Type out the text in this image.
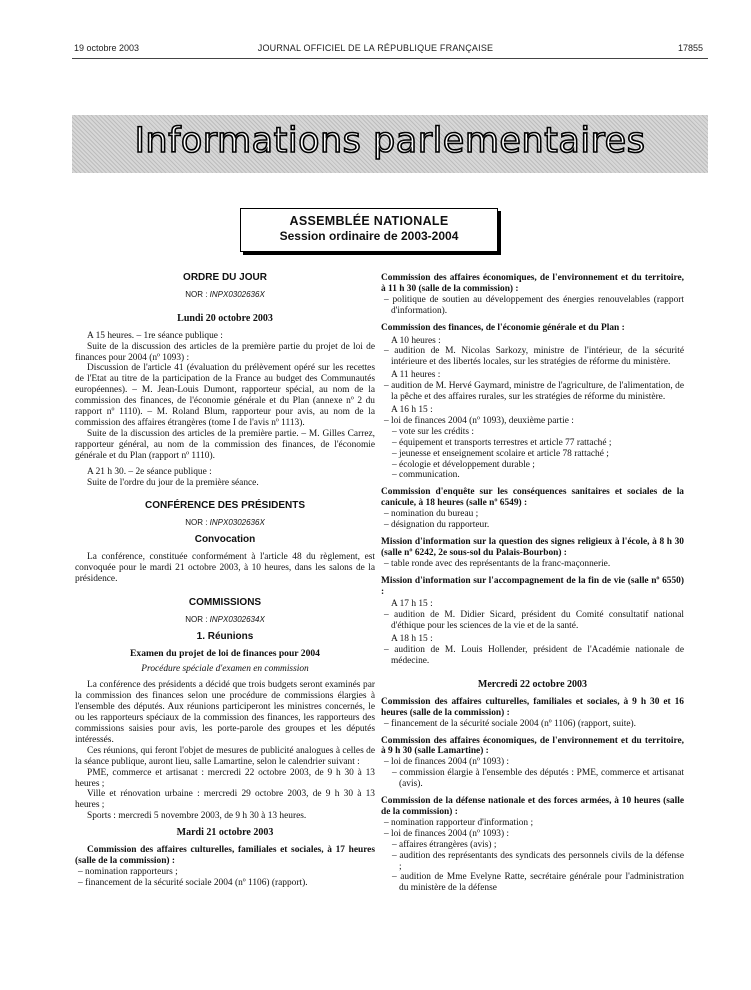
19 octobre 2003	JOURNAL OFFICIEL DE LA RÉPUBLIQUE FRANÇAISE	17855
Informations parlementaires
ASSEMBLÉE NATIONALE
Session ordinaire de 2003-2004
ORDRE DU JOUR
NOR : INPX0302636X
Lundi 20 octobre 2003

A 15 heures. – 1re séance publique :

Suite de la discussion des articles de la première partie du projet de loi de finances pour 2004 (nº 1093) :

Discussion de l'article 41 (évaluation du prélèvement opéré sur les recettes de l'Etat au titre de la participation de la France au budget des Communautés européennes). – M. Jean-Louis Dumont, rapporteur spécial, au nom de la commission des finances, de l'économie générale et du Plan (annexe nº 2 du rapport nº 1110). – M. Roland Blum, rapporteur pour avis, au nom de la commission des affaires étrangères (tome I de l'avis nº 1113).

Suite de la discussion des articles de la première partie. – M. Gilles Carrez, rapporteur général, au nom de la commission des finances, de l'économie générale et du Plan (rapport nº 1110).

A 21 h 30. – 2e séance publique :

Suite de l'ordre du jour de la première séance.

CONFÉRENCE DES PRÉSIDENTS
NOR : INPX0302636X
Convocation

La conférence, constituée conformément à l'article 48 du règlement, est convoquée pour le mardi 21 octobre 2003, à 10 heures, dans les salons de la présidence.

COMMISSIONS
NOR : INPX0302634X
1. Réunions
Examen du projet de loi de finances pour 2004
Procédure spéciale d'examen en commission

La conférence des présidents a décidé que trois budgets seront examinés par la commission des finances selon une procédure de commissions élargies à l'ensemble des députés. Aux réunions participeront les ministres concernés, le ou les rapporteurs spéciaux de la commission des finances, les rapporteurs des commissions saisies pour avis, les porte-parole des groupes et les députés intéressés.

Ces réunions, qui feront l'objet de mesures de publicité analogues à celles de la séance publique, auront lieu, salle Lamartine, selon le calendrier suivant :

PME, commerce et artisanat : mercredi 22 octobre 2003, de 9 h 30 à 13 heures ;

Ville et rénovation urbaine : mercredi 29 octobre 2003, de 9 h 30 à 13 heures ;

Sports : mercredi 5 novembre 2003, de 9 h 30 à 13 heures.

Mardi 21 octobre 2003

Commission des affaires culturelles, familiales et sociales, à 17 heures (salle de la commission) :

– nomination rapporteurs ;
– financement de la sécurité sociale 2004 (nº 1106) (rapport).

Commission des affaires économiques, de l'environnement et du territoire, à 11 h 30 (salle de la commission) :

– politique de soutien au développement des énergies renouvelables (rapport d'information).

Commission des finances, de l'économie générale et du Plan :

A 10 heures :

– audition de M. Nicolas Sarkozy, ministre de l'intérieur, de la sécurité intérieure et des libertés locales, sur les stratégies de réforme du ministère.

A 11 heures :

– audition de M. Hervé Gaymard, ministre de l'agriculture, de l'alimentation, de la pêche et des affaires rurales, sur les stratégies de réforme du ministère.

A 16 h 15 :

– loi de finances 2004 (nº 1093), deuxième partie :
– vote sur les crédits :
– équipement et transports terrestres et article 77 rattaché ;
– jeunesse et enseignement scolaire et article 78 rattaché ;
– écologie et développement durable ;
– communication.

Commission d'enquête sur les conséquences sanitaires et sociales de la canicule, à 18 heures (salle nº 6549) :

– nomination du bureau ;
– désignation du rapporteur.

Mission d'information sur la question des signes religieux à l'école, à 8 h 30 (salle nº 6242, 2e sous-sol du Palais-Bourbon) :

– table ronde avec des représentants de la franc-maçonnerie.

Mission d'information sur l'accompagnement de la fin de vie (salle nº 6550) :

A 17 h 15 :

– audition de M. Didier Sicard, président du Comité consultatif national d'éthique pour les sciences de la vie et de la santé.

A 18 h 15 :

– audition de M. Louis Hollender, président de l'Académie nationale de médecine.
Mercredi 22 octobre 2003

Commission des affaires culturelles, familiales et sociales, à 9 h 30 et 16 heures (salle de la commission) :

– financement de la sécurité sociale 2004 (nº 1106) (rapport, suite).

Commission des affaires économiques, de l'environnement et du territoire, à 9 h 30 (salle Lamartine) :

– loi de finances 2004 (nº 1093) :
– commission élargie à l'ensemble des députés : PME, commerce et artisanat (avis).

Commission de la défense nationale et des forces armées, à 10 heures (salle de la commission) :

– nomination rapporteur d'information ;
– loi de finances 2004 (nº 1093) :
– affaires étrangères (avis) ;
– audition des représentants des syndicats des personnels civils de la défense ;
– audition de Mme Evelyne Ratte, secrétaire générale pour l'administration du ministère de la défense
